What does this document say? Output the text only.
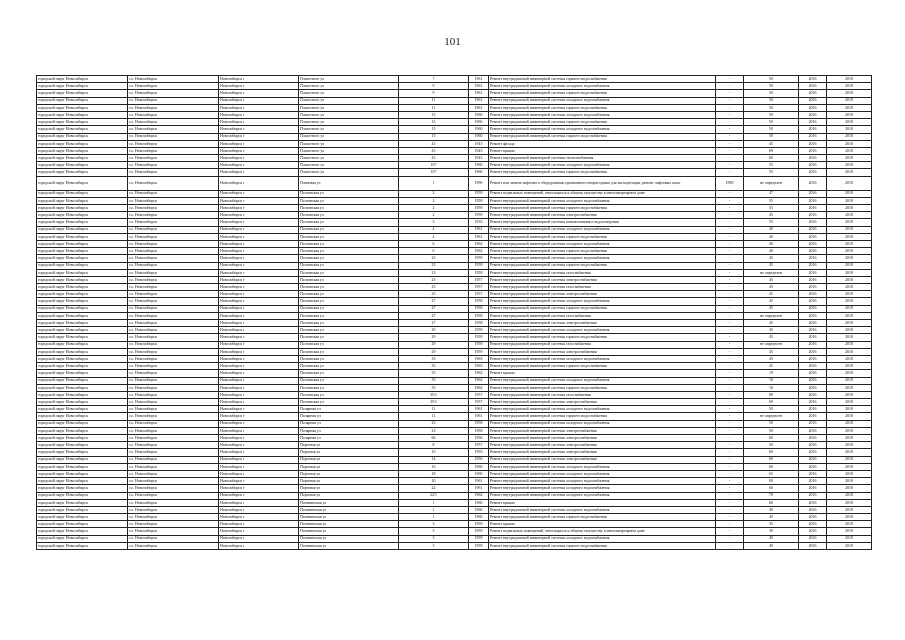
101
городской округ Новосибирск	г.о. Новосибирск	Новосибирск г	Плахотного ул	7	1961	Ремонт внутридомовой инженерной системы горячего водоснабжения	-	50	2016	2018
городской округ Новосибирск	г.о. Новосибирск	Новосибирск г	Плахотного ул	9	1961	Ремонт внутридомовой инженерной системы холодного водоснабжения	-	50	2016	2018
городской округ Новосибирск	г.о. Новосибирск	Новосибирск г	Плахотного ул	9	1961	Ремонт внутридомовой инженерной системы горячего водоснабжения	-	50	2016	2018
городской округ Новосибирск	г.о. Новосибирск	Новосибирск г	Плахотного ул	11	1961	Ремонт внутридомовой инженерной системы холодного водоснабжения	-	50	2016	2018
городской округ Новосибирск	г.о. Новосибирск	Новосибирск г	Плахотного ул	11	1961	Ремонт внутридомовой инженерной системы горячего водоснабжения	-	50	2016	2018
городской округ Новосибирск	г.о. Новосибирск	Новосибирск г	Плахотного ул	13	1960	Ремонт внутридомовой инженерной системы холодного водоснабжения	-	50	2016	2018
городской округ Новосибирск	г.о. Новосибирск	Новосибирск г	Плахотного ул	13	1960	Ремонт внутридомовой инженерной системы горячего водоснабжения	-	50	2016	2018
городской округ Новосибирск	г.о. Новосибирск	Новосибирск г	Плахотного ул	15	1960	Ремонт внутридомовой инженерной системы холодного водоснабжения	-	50	2016	2018
городской округ Новосибирск	г.о. Новосибирск	Новосибирск г	Плахотного ул	15	1960	Ремонт внутридомовой инженерной системы горячего водоснабжения	-	50	2016	2018
городской округ Новосибирск	г.о. Новосибирск	Новосибирск г	Плахотного ул	43	1943	Ремонт фасада	-	45	2016	2018
городской округ Новосибирск	г.о. Новосибирск	Новосибирск г	Плахотного ул	43	1943	Ремонт крыши	-	69	2016	2018
городской округ Новосибирск	г.о. Новосибирск	Новосибирск г	Плахотного ул	43	1943	Ремонт внутридомовой инженерной системы теплоснабжения	-	60	2016	2018
городской округ Новосибирск	г.о. Новосибирск	Новосибирск г	Плахотного ул	107	1960	Ремонт внутридомовой инженерной системы холодного водоснабжения	-	55	2016	2018
городской округ Новосибирск	г.о. Новосибирск	Новосибирск г	Плахотного ул	107	1960	Ремонт внутридомовой инженерной системы горячего водоснабжения	-	55	2016	2018
городской округ Новосибирск	г.о. Новосибирск	Новосибирск г	Плановая ул	1	1990	Ремонт или замена лифтового оборудования, признанного непригодным для эксплуатации, ремонт лифтовых шахт	1990	не определен	2016	2018
городской округ Новосибирск	г.о. Новосибирск	Новосибирск г	Полтавская ул	2	1959	Ремонт подвальных помещений, относящихся к общему имуществу в многоквартирном доме	-	47	2016	2018
городской округ Новосибирск	г.о. Новосибирск	Новосибирск г	Полтавская ул	2	1959	Ремонт внутридомовой инженерной системы холодного водоснабжения	-	55	2016	2018
городской округ Новосибирск	г.о. Новосибирск	Новосибирск г	Полтавская ул	2	1959	Ремонт внутридомовой инженерной системы горячего водоснабжения	-	55	2016	2018
городской округ Новосибирск	г.о. Новосибирск	Новосибирск г	Полтавская ул	2	1959	Ремонт внутридомовой инженерной системы электроснабжения	-	45	2016	2018
городской округ Новосибирск	г.о. Новосибирск	Новосибирск г	Полтавская ул	3	1935	Ремонт внутридомовой инженерной системы канализования и водоотведения	-	55	2016	2018
городской округ Новосибирск	г.о. Новосибирск	Новосибирск г	Полтавская ул	4	1961	Ремонт внутридомовой инженерной системы холодного водоснабжения	-	40	2016	2018
городской округ Новосибирск	г.о. Новосибирск	Новосибирск г	Полтавская ул	4	1961	Ремонт внутридомовой инженерной системы горячего водоснабжения	-	40	2016	2018
городской округ Новосибирск	г.о. Новосибирск	Новосибирск г	Полтавская ул	6	1962	Ремонт внутридомовой инженерной системы холодного водоснабжения	-	40	2016	2018
городской округ Новосибирск	г.о. Новосибирск	Новосибирск г	Полтавская ул	6	1962	Ремонт внутридомовой инженерной системы горячего водоснабжения	-	40	2016	2018
городской округ Новосибирск	г.о. Новосибирск	Новосибирск г	Полтавская ул	23	1959	Ремонт внутридомовой инженерной системы холодного водоснабжения	-	45	2016	2018
городской округ Новосибирск	г.о. Новосибирск	Новосибирск г	Полтавская ул	23	1959	Ремонт внутридомовой инженерной системы горячего водоснабжения	-	45	2016	2018
городской округ Новосибирск	г.о. Новосибирск	Новосибирск г	Полтавская ул	23	1959	Ремонт внутридомовой инженерной системы газоснабжения	-	не определен	2016	2018
городской округ Новосибирск	г.о. Новосибирск	Новосибирск г	Полтавская ул	25	1957	Ремонт внутридомовой инженерной системы электроснабжения	-	45	2016	2018
городской округ Новосибирск	г.о. Новосибирск	Новосибирск г	Полтавская ул	25	1957	Ремонт внутридомовой инженерной системы газоснабжения	-	45	2016	2018
городской округ Новосибирск	г.о. Новосибирск	Новосибирск г	Полтавская ул	25	1957	Ремонт внутридомовой инженерной системы электроснабжения	-	45	2016	2018
городской округ Новосибирск	г.о. Новосибирск	Новосибирск г	Полтавская ул	27	1958	Ремонт внутридомовой инженерной системы холодного водоснабжения	-	45	2016	2018
городской округ Новосибирск	г.о. Новосибирск	Новосибирск г	Полтавская ул	27	1958	Ремонт внутридомовой инженерной системы горячего водоснабжения	-	45	2016	2018
городской округ Новосибирск	г.о. Новосибирск	Новосибирск г	Полтавская ул	27	1958	Ремонт внутридомовой инженерной системы газоснабжения	-	не определен	2016	2018
городской округ Новосибирск	г.о. Новосибирск	Новосибирск г	Полтавская ул	27	1958	Ремонт внутридомовой инженерной системы электроснабжения	-	45	2016	2018
городской округ Новосибирск	г.о. Новосибирск	Новосибирск г	Полтавская ул	29	1959	Ремонт внутридомовой инженерной системы холодного водоснабжения	-	45	2016	2018
городской округ Новосибирск	г.о. Новосибирск	Новосибирск г	Полтавская ул	29	1959	Ремонт внутридомовой инженерной системы горячего водоснабжения	-	45	2016	2018
городской округ Новосибирск	г.о. Новосибирск	Новосибирск г	Полтавская ул	29	1959	Ремонт внутридомовой инженерной системы газоснабжения	-	не определен	2016	2018
городской округ Новосибирск	г.о. Новосибирск	Новосибирск г	Полтавская ул	29	1959	Ремонт внутридомовой инженерной системы электроснабжения	-	45	2016	2018
городской округ Новосибирск	г.о. Новосибирск	Новосибирск г	Полтавская ул	33	1963	Ремонт внутридомовой инженерной системы холодного водоснабжения	-	45	2016	2018
городской округ Новосибирск	г.о. Новосибирск	Новосибирск г	Полтавская ул	33	1963	Ремонт внутридомовой инженерной системы горячего водоснабжения	-	45	2016	2018
городской округ Новосибирск	г.о. Новосибирск	Новосибирск г	Полтавская ул	35	1962	Ремонт крыши	-	19	2016	2018
городской округ Новосибирск	г.о. Новосибирск	Новосибирск г	Полтавская ул	35	1962	Ремонт внутридомовой инженерной системы холодного водоснабжения	-	10	2016	2018
городской округ Новосибирск	г.о. Новосибирск	Новосибирск г	Полтавская ул	35	1962	Ремонт внутридомовой инженерной системы горячего водоснабжения	-	10	2016	2018
городской округ Новосибирск	г.о. Новосибирск	Новосибирск г	Полтавская ул	35/1	1957	Ремонт внутридомовой инженерной системы газоснабжения	-	80	2016	2018
городской округ Новосибирск	г.о. Новосибирск	Новосибирск г	Полтавская ул	35/1	1957	Ремонт внутридомовой инженерной системы электроснабжения	-	69	2016	2018
городской округ Новосибирск	г.о. Новосибирск	Новосибирск г	Полярная ул	11	1961	Ремонт внутридомовой инженерной системы холодного водоснабжения	-	50	2016	2018
городской округ Новосибирск	г.о. Новосибирск	Новосибирск г	Полярная ул	11	1961	Ремонт внутридомовой инженерной системы горячего водоснабжения	-	не определен	2016	2018
городской округ Новосибирск	г.о. Новосибирск	Новосибирск г	Полярная ул	23	1958	Ремонт внутридомовой инженерной системы холодного водоснабжения	-	50	2016	2018
городской округ Новосибирск	г.о. Новосибирск	Новосибирск г	Полярная ул	23	1958	Ремонт внутридомовой инженерной системы электроснабжения	-	50	2016	2018
городской округ Новосибирск	г.о. Новосибирск	Новосибирск г	Полярная ул	66	1956	Ремонт внутридомовой инженерной системы электроснабжения	-	60	2016	2018
городской округ Новосибирск	г.о. Новосибирск	Новосибирск г	Портовая ул	8	1957	Ремонт внутридомовой инженерной системы электроснабжения	-	50	2016	2018
городской округ Новосибирск	г.о. Новосибирск	Новосибирск г	Портовая ул	10	1955	Ремонт внутридомовой инженерной системы электроснабжения	-	60	2016	2018
городской округ Новосибирск	г.о. Новосибирск	Новосибирск г	Портовая ул	14	1956	Ремонт внутридомовой инженерной системы электроснабжения	-	60	2016	2018
городской округ Новосибирск	г.о. Новосибирск	Новосибирск г	Портовая ул	16	1960	Ремонт внутридомовой инженерной системы холодного водоснабжения	-	60	2016	2018
городской округ Новосибирск	г.о. Новосибирск	Новосибирск г	Портовая ул	18	1960	Ремонт внутридомовой инженерной системы холодного водоснабжения	-	65	2016	2018
городской округ Новосибирск	г.о. Новосибирск	Новосибирск г	Портовая ул	20	1961	Ремонт внутридомовой инженерной системы холодного водоснабжения	-	80	2016	2018
городской округ Новосибирск	г.о. Новосибирск	Новосибирск г	Портовая ул	22	1961	Ремонт внутридомовой инженерной системы холодного водоснабжения	-	60	2016	2018
городской округ Новосибирск	г.о. Новосибирск	Новосибирск г	Портовая ул	22/1	1962	Ремонт внутридомовой инженерной системы холодного водоснабжения	-	70	2016	2018
городской округ Новосибирск	г.о. Новосибирск	Новосибирск г	Потанинская ул	1	1960	Ремонт крыши	-	60	2016	2018
городской округ Новосибирск	г.о. Новосибирск	Новосибирск г	Потанинская ул	1	1960	Ремонт внутридомовой инженерной системы холодного водоснабжения	-	49	2016	2018
городской округ Новосибирск	г.о. Новосибирск	Новосибирск г	Потанинская ул	1	1960	Ремонт внутридомовой инженерной системы горячего водоснабжения	-	49	2016	2018
городской округ Новосибирск	г.о. Новосибирск	Новосибирск г	Потанинская ул	3	1959	Ремонт крыши	-	35	2016	2018
городской округ Новосибирск	г.о. Новосибирск	Новосибирск г	Потанинская ул	3	1959	Ремонт подвальных помещений, относящихся к общему имуществу в многоквартирном доме	-	39	2016	2018
городской округ Новосибирск	г.о. Новосибирск	Новосибирск г	Потанинская ул	3	1959	Ремонт внутридомовой инженерной системы холодного водоснабжения	-	49	2016	2018
городской округ Новосибирск	г.о. Новосибирск	Новосибирск г	Потанинская ул	3	1959	Ремонт внутридомовой инженерной системы горячего водоснабжения	-	49	2016	2018
